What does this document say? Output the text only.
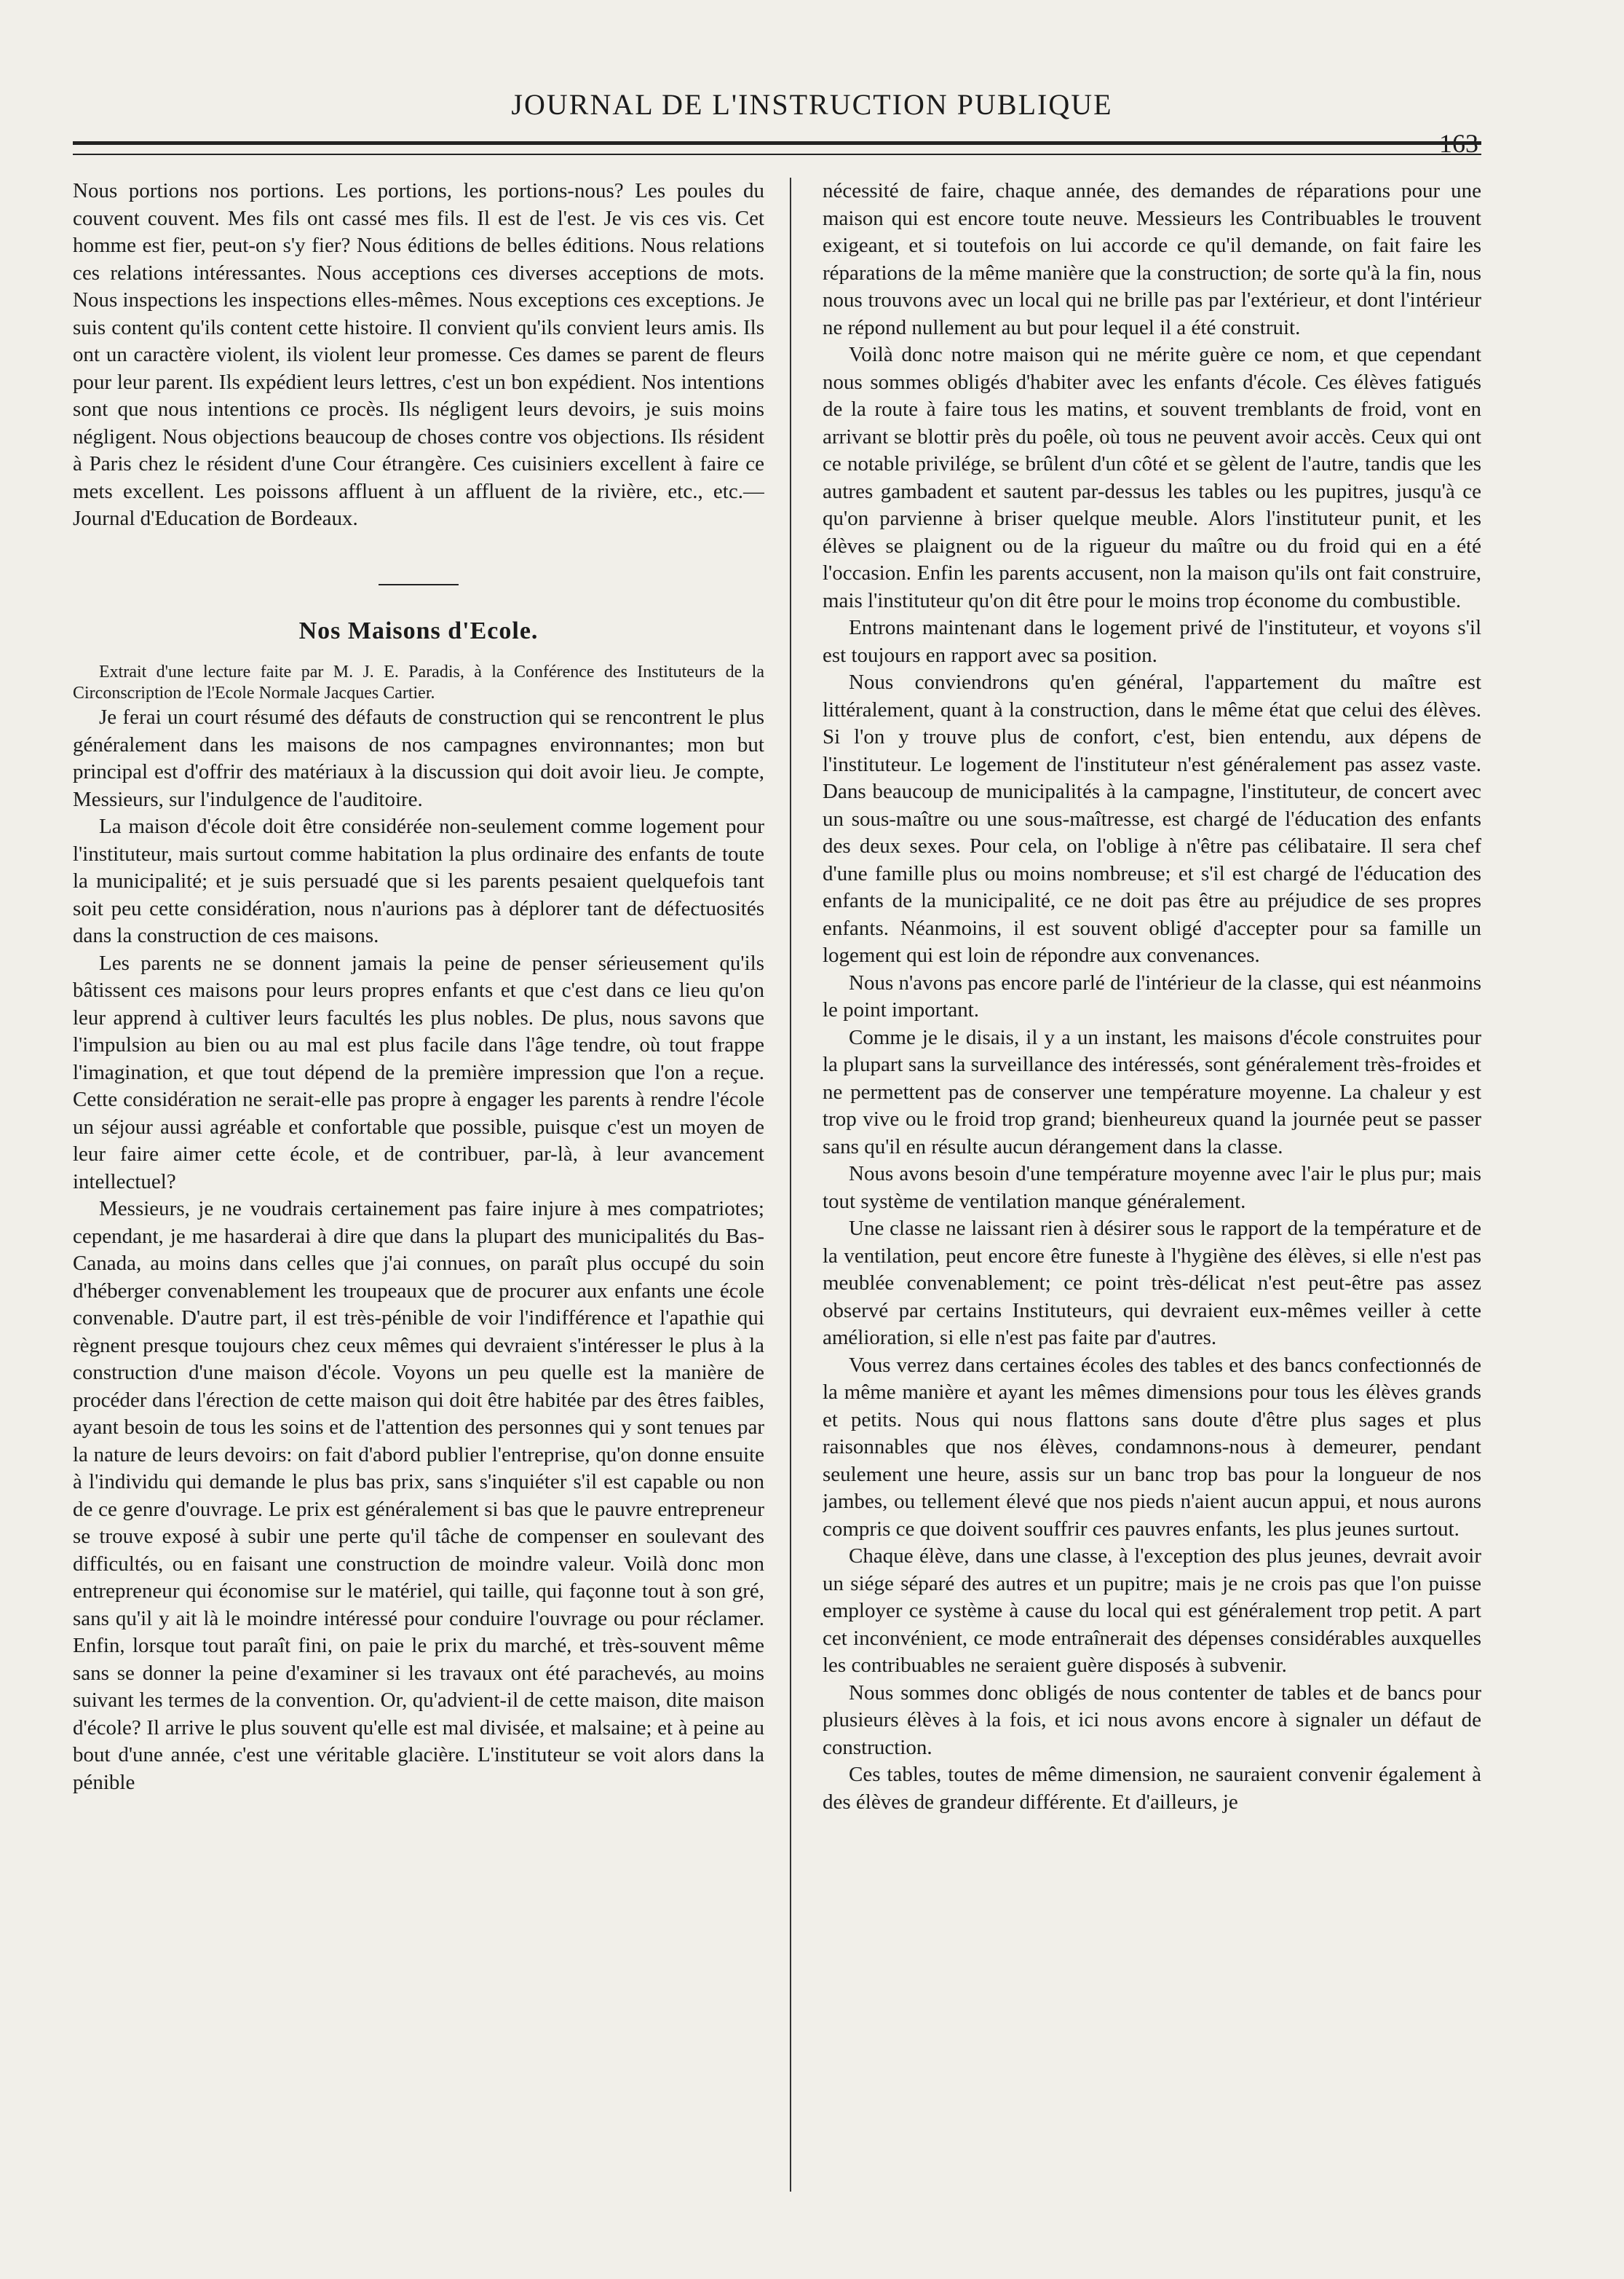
JOURNAL DE L'INSTRUCTION PUBLIQUE
163

Nous portions nos portions. Les portions, les portions-nous? Les poules du couvent couvent. Mes fils ont cassé mes fils. Il est de l'est. Je vis ces vis. Cet homme est fier, peut-on s'y fier? Nous éditions de belles éditions. Nous relations ces relations intéressantes. Nous acceptions ces diverses acceptions de mots. Nous inspections les inspections elles-mêmes. Nous exceptions ces exceptions. Je suis content qu'ils content cette histoire. Il convient qu'ils convient leurs amis. Ils ont un caractère violent, ils violent leur promesse. Ces dames se parent de fleurs pour leur parent. Ils expédient leurs lettres, c'est un bon expédient. Nos intentions sont que nous intentions ce procès. Ils négligent leurs devoirs, je suis moins négligent. Nous objections beaucoup de choses contre vos objections. Ils résident à Paris chez le résident d'une Cour étrangère. Ces cuisiniers excellent à faire ce mets excellent. Les poissons affluent à un affluent de la rivière, etc., etc.—Journal d'Education de Bordeaux.

Nos Maisons d'Ecole.

Extrait d'une lecture faite par M. J. E. Paradis, à la Conférence des Instituteurs de la Circonscription de l'Ecole Normale Jacques Cartier.

Je ferai un court résumé des défauts de construction qui se rencontrent le plus généralement dans les maisons de nos campagnes environnantes; mon but principal est d'offrir des matériaux à la discussion qui doit avoir lieu. Je compte, Messieurs, sur l'indulgence de l'auditoire.

La maison d'école doit être considérée non-seulement comme logement pour l'instituteur, mais surtout comme habitation la plus ordinaire des enfants de toute la municipalité; et je suis persuadé que si les parents pesaient quelquefois tant soit peu cette considération, nous n'aurions pas à déplorer tant de défectuosités dans la construction de ces maisons.

Les parents ne se donnent jamais la peine de penser sérieusement qu'ils bâtissent ces maisons pour leurs propres enfants et que c'est dans ce lieu qu'on leur apprend à cultiver leurs facultés les plus nobles. De plus, nous savons que l'impulsion au bien ou au mal est plus facile dans l'âge tendre, où tout frappe l'imagination, et que tout dépend de la première impression que l'on a reçue. Cette considération ne serait-elle pas propre à engager les parents à rendre l'école un séjour aussi agréable et confortable que possible, puisque c'est un moyen de leur faire aimer cette école, et de contribuer, par-là, à leur avancement intellectuel?

Messieurs, je ne voudrais certainement pas faire injure à mes compatriotes; cependant, je me hasarderai à dire que dans la plupart des municipalités du Bas-Canada, au moins dans celles que j'ai connues, on paraît plus occupé du soin d'héberger convenablement les troupeaux que de procurer aux enfants une école convenable. D'autre part, il est très-pénible de voir l'indifférence et l'apathie qui règnent presque toujours chez ceux mêmes qui devraient s'intéresser le plus à la construction d'une maison d'école. Voyons un peu quelle est la manière de procéder dans l'érection de cette maison qui doit être habitée par des êtres faibles, ayant besoin de tous les soins et de l'attention des personnes qui y sont tenues par la nature de leurs devoirs: on fait d'abord publier l'entreprise, qu'on donne ensuite à l'individu qui demande le plus bas prix, sans s'inquiéter s'il est capable ou non de ce genre d'ouvrage. Le prix est généralement si bas que le pauvre entrepreneur se trouve exposé à subir une perte qu'il tâche de compenser en soulevant des difficultés, ou en faisant une construction de moindre valeur. Voilà donc mon entrepreneur qui économise sur le matériel, qui taille, qui façonne tout à son gré, sans qu'il y ait là le moindre intéressé pour conduire l'ouvrage ou pour réclamer. Enfin, lorsque tout paraît fini, on paie le prix du marché, et très-souvent même sans se donner la peine d'examiner si les travaux ont été parachevés, au moins suivant les termes de la convention. Or, qu'advient-il de cette maison, dite maison d'école? Il arrive le plus souvent qu'elle est mal divisée, et malsaine; et à peine au bout d'une année, c'est une véritable glacière. L'instituteur se voit alors dans la pénible

nécessité de faire, chaque année, des demandes de réparations pour une maison qui est encore toute neuve. Messieurs les Contribuables le trouvent exigeant, et si toutefois on lui accorde ce qu'il demande, on fait faire les réparations de la même manière que la construction; de sorte qu'à la fin, nous nous trouvons avec un local qui ne brille pas par l'extérieur, et dont l'intérieur ne répond nullement au but pour lequel il a été construit.

Voilà donc notre maison qui ne mérite guère ce nom, et que cependant nous sommes obligés d'habiter avec les enfants d'école. Ces élèves fatigués de la route à faire tous les matins, et souvent tremblants de froid, vont en arrivant se blottir près du poêle, où tous ne peuvent avoir accès. Ceux qui ont ce notable privilége, se brûlent d'un côté et se gèlent de l'autre, tandis que les autres gambadent et sautent par-dessus les tables ou les pupitres, jusqu'à ce qu'on parvienne à briser quelque meuble. Alors l'instituteur punit, et les élèves se plaignent ou de la rigueur du maître ou du froid qui en a été l'occasion. Enfin les parents accusent, non la maison qu'ils ont fait construire, mais l'instituteur qu'on dit être pour le moins trop économe du combustible.

Entrons maintenant dans le logement privé de l'instituteur, et voyons s'il est toujours en rapport avec sa position.

Nous conviendrons qu'en général, l'appartement du maître est littéralement, quant à la construction, dans le même état que celui des élèves. Si l'on y trouve plus de confort, c'est, bien entendu, aux dépens de l'instituteur. Le logement de l'instituteur n'est généralement pas assez vaste. Dans beaucoup de municipalités à la campagne, l'instituteur, de concert avec un sous-maître ou une sous-maîtresse, est chargé de l'éducation des enfants des deux sexes. Pour cela, on l'oblige à n'être pas célibataire. Il sera chef d'une famille plus ou moins nombreuse; et s'il est chargé de l'éducation des enfants de la municipalité, ce ne doit pas être au préjudice de ses propres enfants. Néanmoins, il est souvent obligé d'accepter pour sa famille un logement qui est loin de répondre aux convenances.

Nous n'avons pas encore parlé de l'intérieur de la classe, qui est néanmoins le point important.

Comme je le disais, il y a un instant, les maisons d'école construites pour la plupart sans la surveillance des intéressés, sont généralement très-froides et ne permettent pas de conserver une température moyenne. La chaleur y est trop vive ou le froid trop grand; bienheureux quand la journée peut se passer sans qu'il en résulte aucun dérangement dans la classe.

Nous avons besoin d'une température moyenne avec l'air le plus pur; mais tout système de ventilation manque généralement.

Une classe ne laissant rien à désirer sous le rapport de la température et de la ventilation, peut encore être funeste à l'hygiène des élèves, si elle n'est pas meublée convenablement; ce point très-délicat n'est peut-être pas assez observé par certains Instituteurs, qui devraient eux-mêmes veiller à cette amélioration, si elle n'est pas faite par d'autres.

Vous verrez dans certaines écoles des tables et des bancs confectionnés de la même manière et ayant les mêmes dimensions pour tous les élèves grands et petits. Nous qui nous flattons sans doute d'être plus sages et plus raisonnables que nos élèves, condamnons-nous à demeurer, pendant seulement une heure, assis sur un banc trop bas pour la longueur de nos jambes, ou tellement élevé que nos pieds n'aient aucun appui, et nous aurons compris ce que doivent souffrir ces pauvres enfants, les plus jeunes surtout.

Chaque élève, dans une classe, à l'exception des plus jeunes, devrait avoir un siége séparé des autres et un pupitre; mais je ne crois pas que l'on puisse employer ce système à cause du local qui est généralement trop petit. A part cet inconvénient, ce mode entraînerait des dépenses considérables auxquelles les contribuables ne seraient guère disposés à subvenir.

Nous sommes donc obligés de nous contenter de tables et de bancs pour plusieurs élèves à la fois, et ici nous avons encore à signaler un défaut de construction.

Ces tables, toutes de même dimension, ne sauraient convenir également à des élèves de grandeur différente. Et d'ailleurs, je
